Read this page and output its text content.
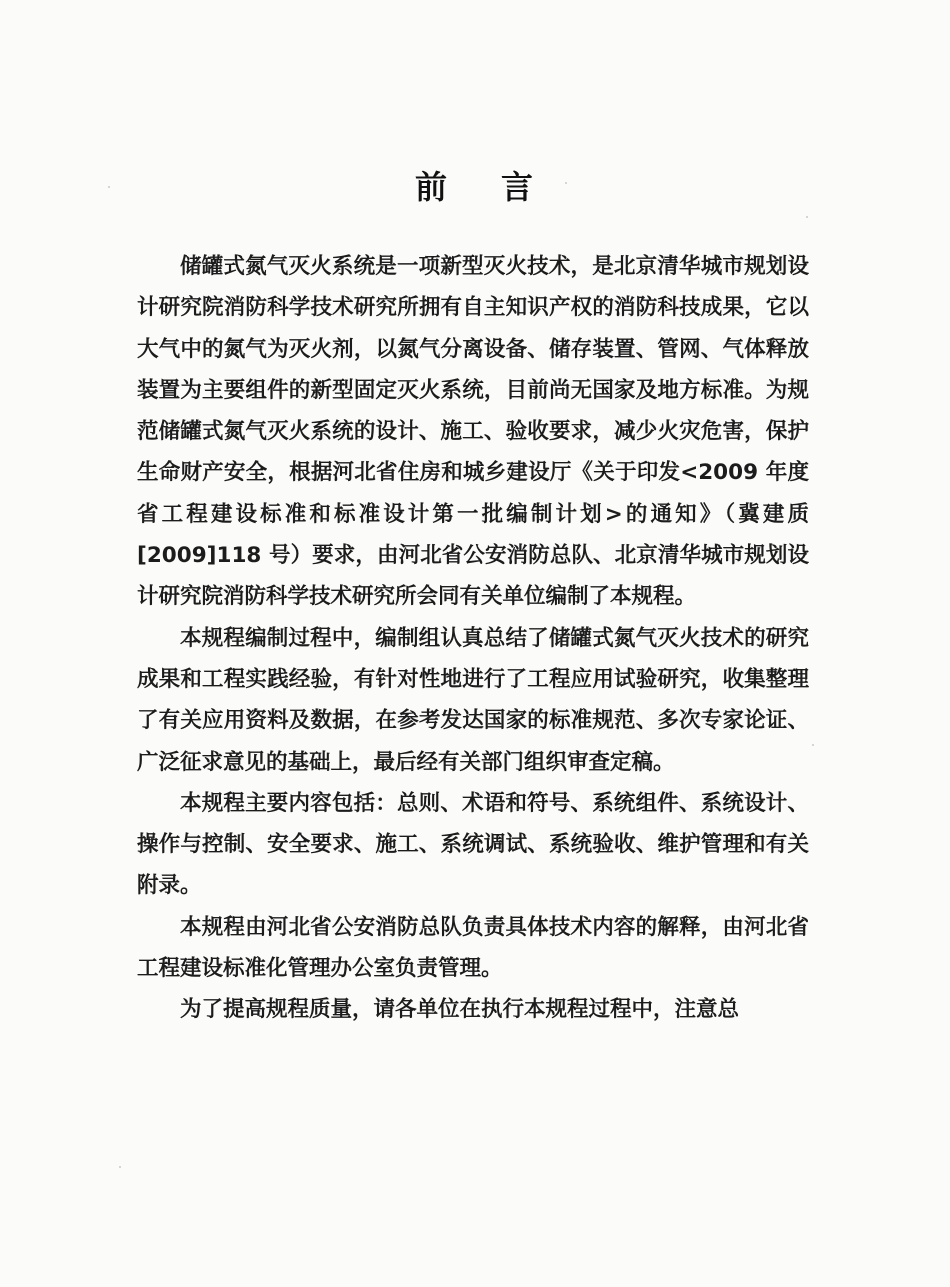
前 言

储罐式氮气灭火系统是一项新型灭火技术，是北京清华城市规划设计研究院消防科学技术研究所拥有自主知识产权的消防科技成果，它以大气中的氮气为灭火剂，以氮气分离设备、储存装置、管网、气体释放装置为主要组件的新型固定灭火系统，目前尚无国家及地方标准。为规范储罐式氮气灭火系统的设计、施工、验收要求，减少火灾危害，保护生命财产安全，根据河北省住房和城乡建设厅《关于印发<2009 年度省工程建设标准和标准设计第一批编制计划>的通知》（冀建质[2009]118 号）要求，由河北省公安消防总队、北京清华城市规划设计研究院消防科学技术研究所会同有关单位编制了本规程。

本规程编制过程中，编制组认真总结了储罐式氮气灭火技术的研究成果和工程实践经验，有针对性地进行了工程应用试验研究，收集整理了有关应用资料及数据，在参考发达国家的标准规范、多次专家论证、广泛征求意见的基础上，最后经有关部门组织审查定稿。

本规程主要内容包括：总则、术语和符号、系统组件、系统设计、操作与控制、安全要求、施工、系统调试、系统验收、维护管理和有关附录。

本规程由河北省公安消防总队负责具体技术内容的解释，由河北省工程建设标准化管理办公室负责管理。

为了提高规程质量，请各单位在执行本规程过程中，注意总
